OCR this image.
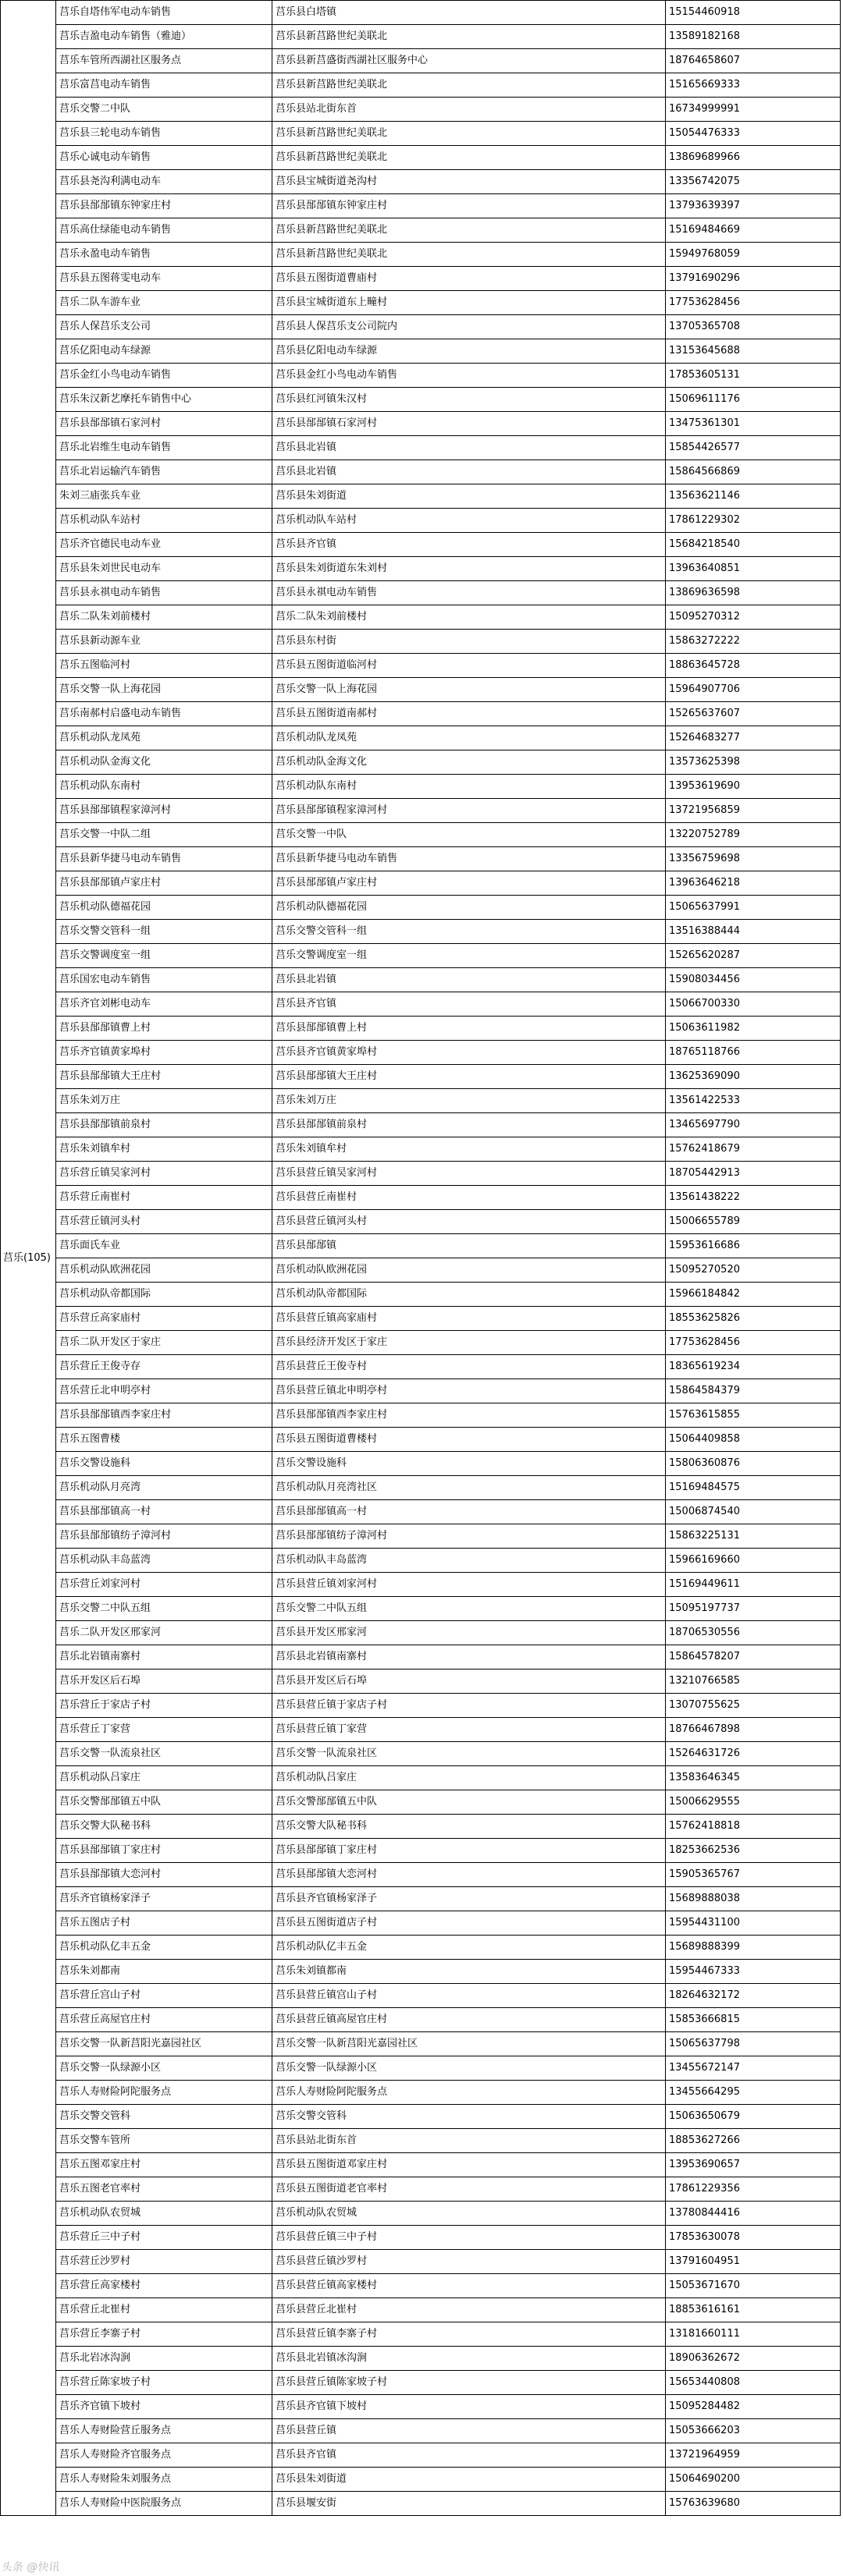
莒乐(105)	莒乐自塔伟军电动车销售	莒乐县白塔镇	15154460918
	莒乐吉盈电动车销售（雅迪）	莒乐县新莒路世纪美联北	13589182168
	莒乐车管所西湖社区服务点	莒乐县新莒盛街西湖社区服务中心	18764658607
	莒乐富莒电动车销售	莒乐县新莒路世纪美联北	15165669333
	莒乐交警二中队	莒乐县站北街东首	16734999991
	莒乐县三轮电动车销售	莒乐县新莒路世纪美联北	15054476333
	莒乐心诚电动车销售	莒乐县新莒路世纪美联北	13869689966
	莒乐县尧沟利满电动车	莒乐县宝城街道尧沟村	13356742075
	莒乐县郚郚镇东钟家庄村	莒乐县郚郚镇东钟家庄村	13793639397
	莒乐高仕绿能电动车销售	莒乐县新莒路世纪美联北	15169484669
	莒乐永盈电动车销售	莒乐县新莒路世纪美联北	15949768059
	莒乐县五图蒋雯电动车	莒乐县五图街道曹庙村	13791690296
	莒乐二队车游车业	莒乐县宝城街道东上疃村	17753628456
	莒乐人保莒乐支公司	莒乐县人保莒乐支公司院内	13705365708
	莒乐亿阳电动车绿源	莒乐县亿阳电动车绿源	13153645688
	莒乐金红小鸟电动车销售	莒乐县金红小鸟电动车销售	17853605131
	莒乐朱汉新艺摩托车销售中心	莒乐县红河镇朱汉村	15069611176
	莒乐县郚郚镇石家河村	莒乐县郚郚镇石家河村	13475361301
	莒乐北岩维生电动车销售	莒乐县北岩镇	15854426577
	莒乐北岩运输汽车销售	莒乐县北岩镇	15864566869
	朱刘三庙张兵车业	莒乐县朱刘街道	13563621146
	莒乐机动队车站村	莒乐机动队车站村	17861229302
	莒乐齐官德民电动车业	莒乐县齐官镇	15684218540
	莒乐县朱刘世民电动车	莒乐县朱刘街道东朱刘村	13963640851
	莒乐县永祺电动车销售	莒乐县永祺电动车销售	13869636598
	莒乐二队朱刘前楼村	莒乐二队朱刘前楼村	15095270312
	莒乐县新动源车业	莒乐县东村街	15863272222
	莒乐五图临河村	莒乐县五图街道临河村	18863645728
	莒乐交警一队上海花园	莒乐交警一队上海花园	15964907706
	莒乐南郝村启盛电动车销售	莒乐县五图街道南郝村	15265637607
	莒乐机动队龙凤苑	莒乐机动队龙凤苑	15264683277
	莒乐机动队金海文化	莒乐机动队金海文化	13573625398
	莒乐机动队东南村	莒乐机动队东南村	13953619690
	莒乐县郚郚镇程家漳河村	莒乐县郚郚镇程家漳河村	13721956859
	莒乐交警一中队二组	莒乐交警一中队	13220752789
	莒乐县新华捷马电动车销售	莒乐县新华捷马电动车销售	13356759698
	莒乐县郚郚镇卢家庄村	莒乐县郚郚镇卢家庄村	13963646218
	莒乐机动队德福花园	莒乐机动队德福花园	15065637991
	莒乐交警交管科一组	莒乐交警交管科一组	13516388444
	莒乐交警调度室一组	莒乐交警调度室一组	15265620287
	莒乐国宏电动车销售	莒乐县北岩镇	15908034456
	莒乐齐官刘彬电动车	莒乐县齐官镇	15066700330
	莒乐县郚郚镇曹上村	莒乐县郚郚镇曹上村	15063611982
	莒乐齐官镇黄家埠村	莒乐县齐官镇黄家埠村	18765118766
	莒乐县郚郚镇大王庄村	莒乐县郚郚镇大王庄村	13625369090
	莒乐朱刘万庄	莒乐朱刘万庄	13561422533
	莒乐县郚郚镇前泉村	莒乐县郚郚镇前泉村	13465697790
	莒乐朱刘镇牟村	莒乐朱刘镇牟村	15762418679
	莒乐营丘镇吴家河村	莒乐县营丘镇吴家河村	18705442913
	莒乐营丘南崔村	莒乐县营丘南崔村	13561438222
	莒乐营丘镇河头村	莒乐县营丘镇河头村	15006655789
	莒乐面氏车业	莒乐县郚郚镇	15953616686
	莒乐机动队欧洲花园	莒乐机动队欧洲花园	15095270520
	莒乐机动队帝都国际	莒乐机动队帝都国际	15966184842
	莒乐营丘高家庙村	莒乐县营丘镇高家庙村	18553625826
	莒乐二队开发区于家庄	莒乐县经济开发区于家庄	17753628456
	莒乐营丘王俊寺存	莒乐县营丘王俊寺村	18365619234
	莒乐营丘北申明亭村	莒乐县营丘镇北申明亭村	15864584379
	莒乐县郚郚镇西李家庄村	莒乐县郚郚镇西李家庄村	15763615855
	莒乐五图曹楼	莒乐县五图街道曹楼村	15064409858
	莒乐交警设施科	莒乐交警设施科	15806360876
	莒乐机动队月亮湾	莒乐机动队月亮湾社区	15169484575
	莒乐县郚郚镇高一村	莒乐县郚郚镇高一村	15006874540
	莒乐县郚郚镇纺子漳河村	莒乐县郚郚镇纺子漳河村	15863225131
	莒乐机动队丰岛蓝湾	莒乐机动队丰岛蓝湾	15966169660
	莒乐营丘刘家河村	莒乐县营丘镇刘家河村	15169449611
	莒乐交警二中队五组	莒乐交警二中队五组	15095197737
	莒乐二队开发区邢家河	莒乐县开发区邢家河	18706530556
	莒乐北岩镇南寨村	莒乐县北岩镇南寨村	15864578207
	莒乐开发区后石埠	莒乐县开发区后石埠	13210766585
	莒乐营丘于家店子村	莒乐县营丘镇于家店子村	13070755625
	莒乐营丘丁家营	莒乐县营丘镇丁家营	18766467898
	莒乐交警一队流泉社区	莒乐交警一队流泉社区	15264631726
	莒乐机动队吕家庄	莒乐机动队吕家庄	13583646345
	莒乐交警郚郚镇五中队	莒乐交警郚郚镇五中队	15006629555
	莒乐交警大队秘书科	莒乐交警大队秘书科	15762418818
	莒乐县郚郚镇丁家庄村	莒乐县郚郚镇丁家庄村	18253662536
	莒乐县郚郚镇大恋河村	莒乐县郚郚镇大恋河村	15905365767
	莒乐齐官镇杨家泽子	莒乐县齐官镇杨家泽子	15689888038
	莒乐五图店子村	莒乐县五图街道店子村	15954431100
	莒乐机动队亿丰五金	莒乐机动队亿丰五金	15689888399
	莒乐朱刘都南	莒乐朱刘镇都南	15954467333
	莒乐营丘宫山子村	莒乐县营丘镇宫山子村	18264632172
	莒乐营丘高屋官庄村	莒乐县营丘镇高屋官庄村	15853666815
	莒乐交警一队新莒阳光嘉园社区	莒乐交警一队新莒阳光嘉园社区	15065637798
	莒乐交警一队绿源小区	莒乐交警一队绿源小区	13455672147
	莒乐人寿财险阿陀服务点	莒乐人寿财险阿陀服务点	13455664295
	莒乐交警交管科	莒乐交警交管科	15063650679
	莒乐交警车管所	莒乐县站北街东首	18853627266
	莒乐五图邓家庄村	莒乐县五图街道邓家庄村	13953690657
	莒乐五图老官率村	莒乐县五图街道老官率村	17861229356
	莒乐机动队农贸城	莒乐机动队农贸城	13780844416
	莒乐营丘三中子村	莒乐县营丘镇三中子村	17853630078
	莒乐营丘沙罗村	莒乐县营丘镇沙罗村	13791604951
	莒乐营丘高家楼村	莒乐县营丘镇高家楼村	15053671670
	莒乐营丘北崔村	莒乐县营丘北崔村	18853616161
	莒乐营丘李寨子村	莒乐县营丘镇李寨子村	13181660111
	莒乐北岩冰沟涧	莒乐县北岩镇冰沟涧	18906362672
	莒乐营丘陈家坡子村	莒乐县营丘镇陈家坡子村	15653440808
	莒乐齐官镇下坡村	莒乐县齐官镇下坡村	15095284482
	莒乐人寿财险营丘服务点	莒乐县营丘镇	15053666203
	莒乐人寿财险齐官服务点	莒乐县齐官镇	13721964959
	莒乐人寿财险朱刘服务点	莒乐县朱刘街道	15064690200
	莒乐人寿财险中医院服务点	莒乐县堰安街	15763639680
头条 @快讯
